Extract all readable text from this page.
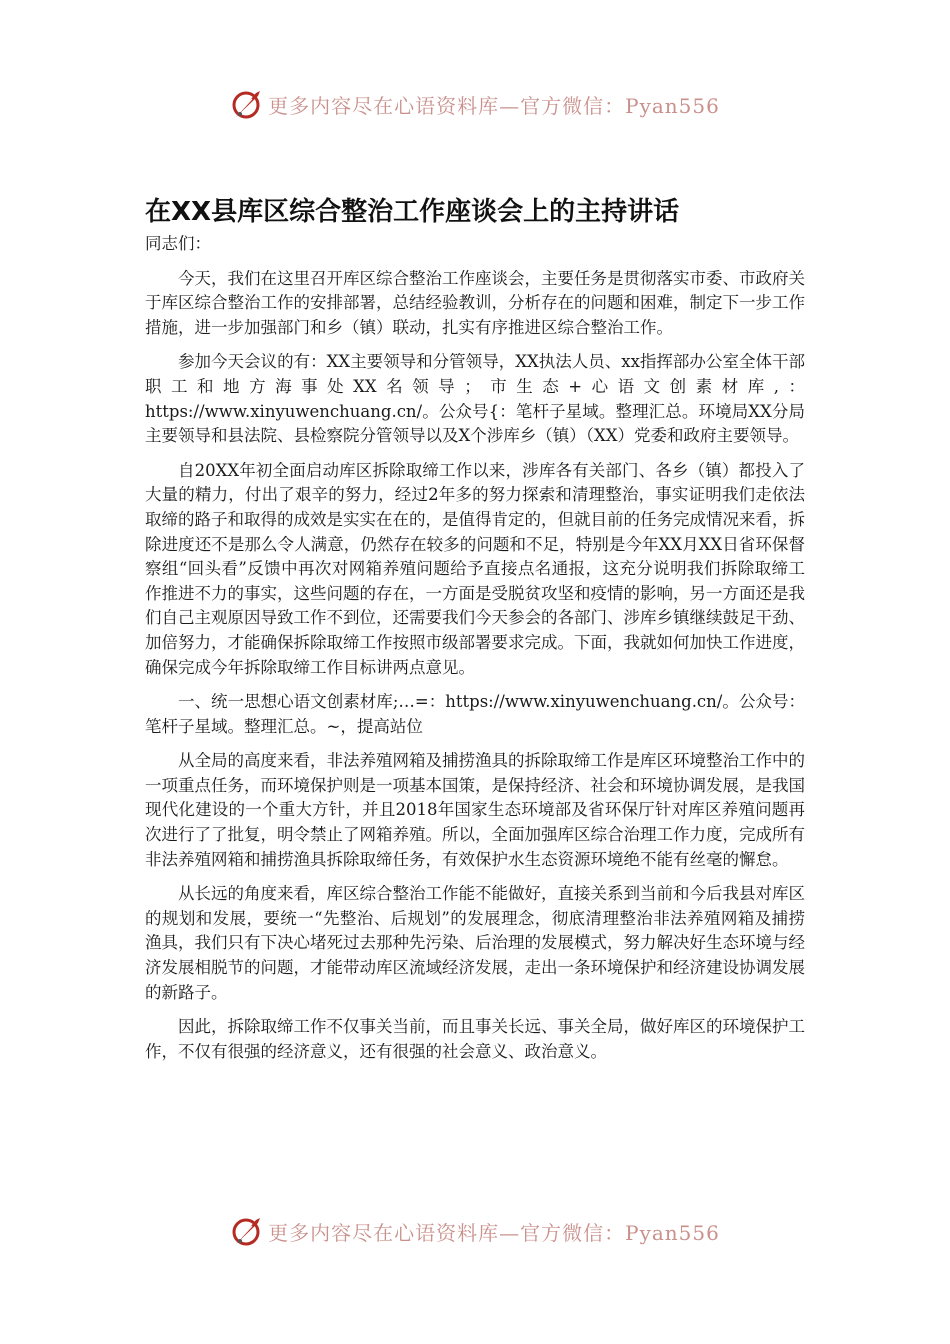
更多内容尽在心语资料库—官方微信：Pyan556
在XX县库区综合整治工作座谈会上的主持讲话

同志们：

今天，我们在这里召开库区综合整治工作座谈会，主要任务是贯彻落实市委、市政府关于库区综合整治工作的安排部署，总结经验教训，分析存在的问题和困难，制定下一步工作措施，进一步加强部门和乡（镇）联动，扎实有序推进区综合整治工作。

参加今天会议的有：XX主要领导和分管领导，XX执法人员、xx指挥部办公室全体干部职工和地方海事处XX名领导；市生态+心语文创素材库,：https://www.xinyuwenchuang.cn/。公众号{：笔杆子星域。整理汇总。环境局XX分局主要领导和县法院、县检察院分管领导以及X个涉库乡（镇）（XX）党委和政府主要领导。

自20XX年初全面启动库区拆除取缔工作以来，涉库各有关部门、各乡（镇）都投入了大量的精力，付出了艰辛的努力，经过2年多的努力探索和清理整治，事实证明我们走依法取缔的路子和取得的成效是实实在在的，是值得肯定的，但就目前的任务完成情况来看，拆除进度还不是那么令人满意，仍然存在较多的问题和不足，特别是今年XX月XX日省环保督察组“回头看”反馈中再次对网箱养殖问题给予直接点名通报，这充分说明我们拆除取缔工作推进不力的事实，这些问题的存在，一方面是受脱贫攻坚和疫情的影响，另一方面还是我们自己主观原因导致工作不到位，还需要我们今天参会的各部门、涉库乡镇继续鼓足干劲、加倍努力，才能确保拆除取缔工作按照市级部署要求完成。下面，我就如何加快工作进度，确保完成今年拆除取缔工作目标讲两点意见。

一、统一思想心语文创素材库;…=：https://www.xinyuwenchuang.cn/。公众号：笔杆子星域。整理汇总。~，提高站位

从全局的高度来看，非法养殖网箱及捕捞渔具的拆除取缔工作是库区环境整治工作中的一项重点任务，而环境保护则是一项基本国策，是保持经济、社会和环境协调发展，是我国现代化建设的一个重大方针，并且2018年国家生态环境部及省环保厅针对库区养殖问题再次进行了了批复，明令禁止了网箱养殖。所以，全面加强库区综合治理工作力度，完成所有非法养殖网箱和捕捞渔具拆除取缔任务，有效保护水生态资源环境绝不能有丝毫的懈怠。

从长远的角度来看，库区综合整治工作能不能做好，直接关系到当前和今后我县对库区的规划和发展，要统一“先整治、后规划”的发展理念，彻底清理整治非法养殖网箱及捕捞渔具，我们只有下决心堵死过去那种先污染、后治理的发展模式，努力解决好生态环境与经济发展相脱节的问题，才能带动库区流域经济发展，走出一条环境保护和经济建设协调发展的新路子。

因此，拆除取缔工作不仅事关当前，而且事关长远、事关全局，做好库区的环境保护工作，不仅有很强的经济意义，还有很强的社会意义、政治意义。

更多内容尽在心语资料库—官方微信：Pyan556
